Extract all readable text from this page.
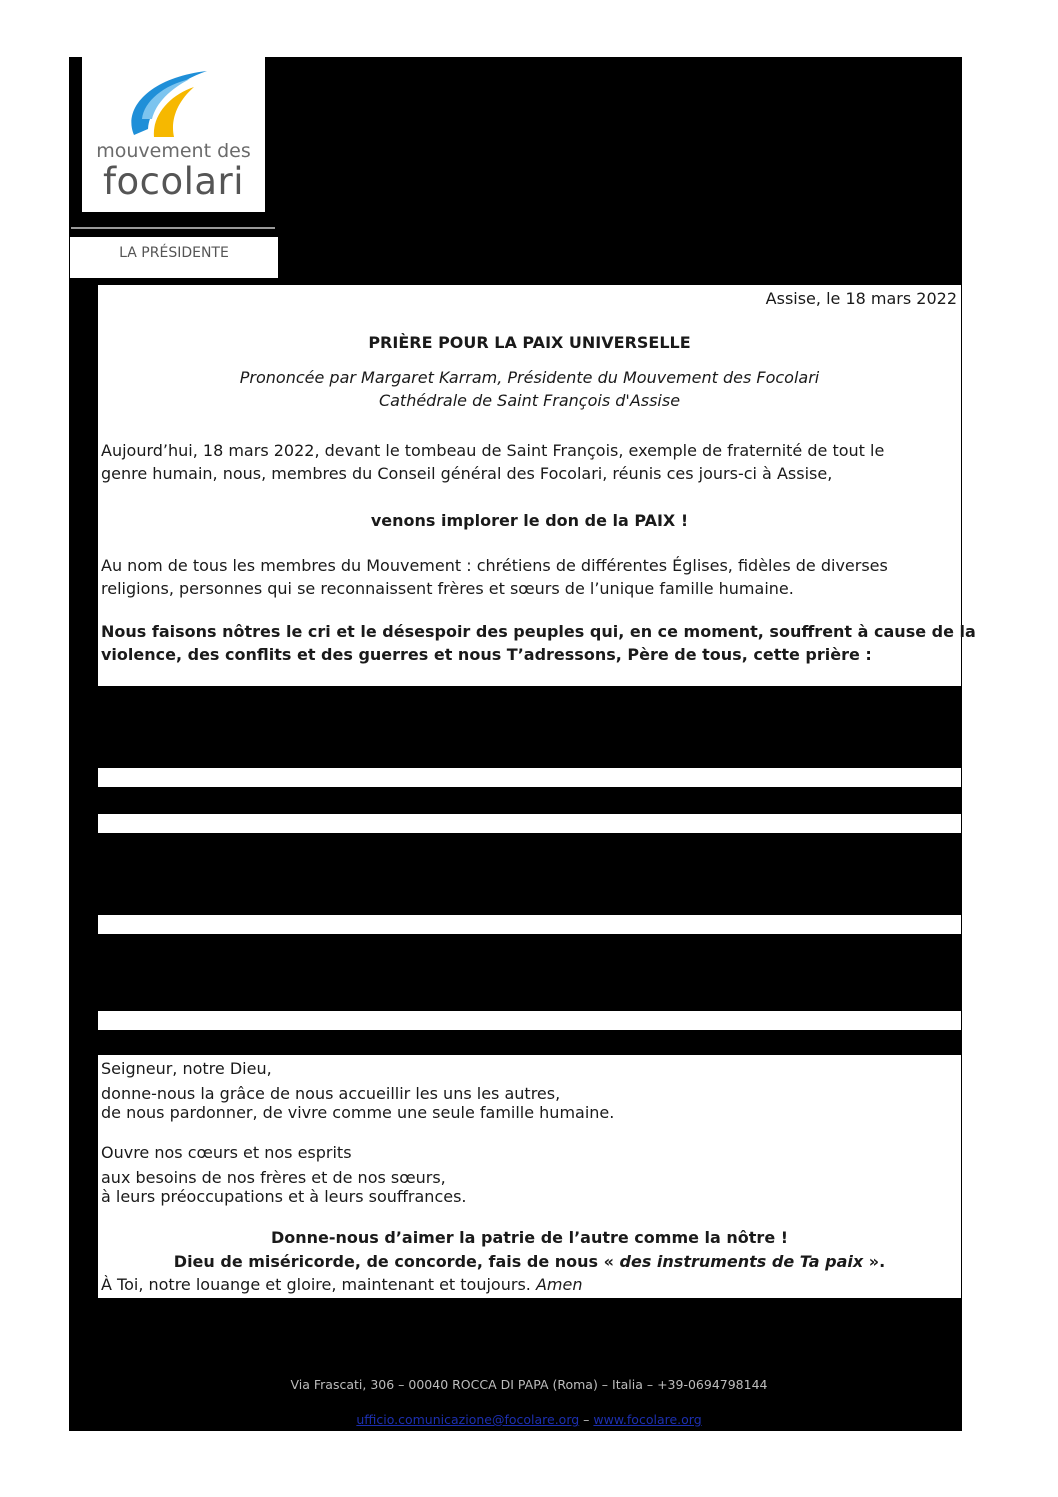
mouvement des
focolari
LA PRÉSIDENTE
Assise, le 18 mars 2022
PRIÈRE POUR LA PAIX UNIVERSELLE
Prononcée par Margaret Karram, Présidente du Mouvement des Focolari
Cathédrale de Saint François d'Assise
Aujourd’hui, 18 mars 2022, devant le tombeau de Saint François, exemple de fraternité de tout le
genre humain, nous, membres du Conseil général des Focolari, réunis ces jours-ci à Assise,
venons implorer le don de la PAIX !
Au nom de tous les membres du Mouvement : chrétiens de différentes Églises, fidèles de diverses
religions, personnes qui se reconnaissent frères et sœurs de l’unique famille humaine.
Nous faisons nôtres le cri et le désespoir des peuples qui, en ce moment, souffrent à cause de la
violence, des conflits et des guerres et nous T’adressons, Père de tous, cette prière :
Seigneur, notre Dieu,
donne-nous la grâce de nous accueillir les uns les autres,
de nous pardonner, de vivre comme une seule famille humaine.
Ouvre nos cœurs et nos esprits
aux besoins de nos frères et de nos sœurs,
à leurs préoccupations et à leurs souffrances.
Donne-nous d’aimer la patrie de l’autre comme la nôtre !
Dieu de miséricorde, de concorde, fais de nous « des instruments de Ta paix ».
À Toi, notre louange et gloire, maintenant et toujours. Amen
Via Frascati, 306 – 00040 ROCCA DI PAPA (Roma) – Italia – +39-0694798144
ufficio.comunicazione@focolare.org – www.focolare.org
